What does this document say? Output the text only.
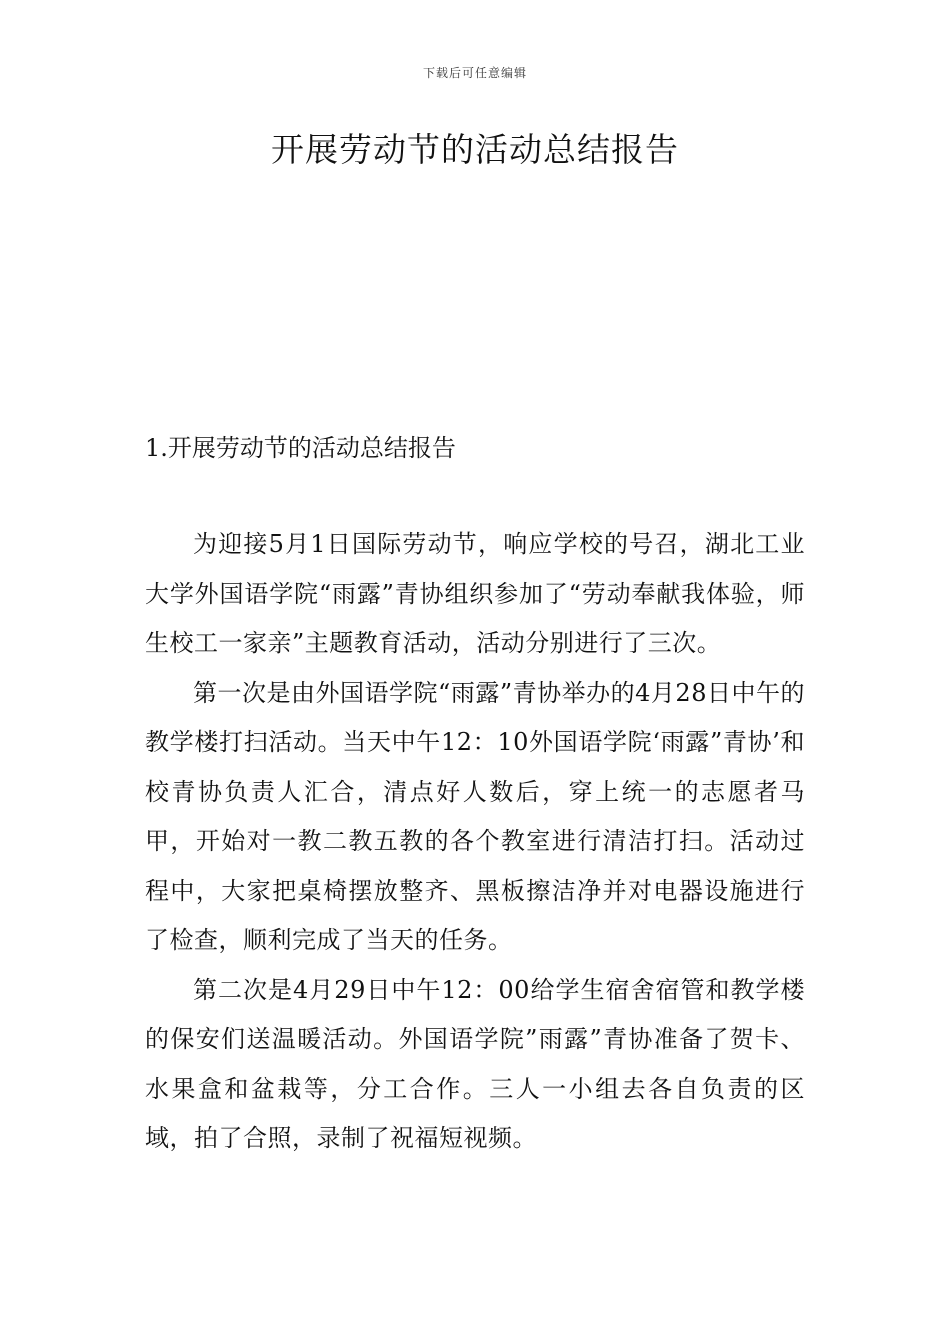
下载后可任意编辑
开展劳动节的活动总结报告
1.开展劳动节的活动总结报告

为迎接5月1日国际劳动节，响应学校的号召，湖北工业大学外国语学院“雨露”青协组织参加了“劳动奉献我体验，师生校工一家亲”主题教育活动，活动分别进行了三次。

第一次是由外国语学院“雨露”青协举办的4月28日中午的教学楼打扫活动。当天中午12：10外国语学院‘雨露”青协’和校青协负责人汇合，清点好人数后，穿上统一的志愿者马甲，开始对一教二教五教的各个教室进行清洁打扫。活动过程中，大家把桌椅摆放整齐、黑板擦洁净并对电器设施进行了检查，顺利完成了当天的任务。

第二次是4月29日中午12：00给学生宿舍宿管和教学楼的保安们送温暖活动。外国语学院”雨露”青协准备了贺卡、水果盒和盆栽等，分工合作。三人一小组去各自负责的区域，拍了合照，录制了祝福短视频。
